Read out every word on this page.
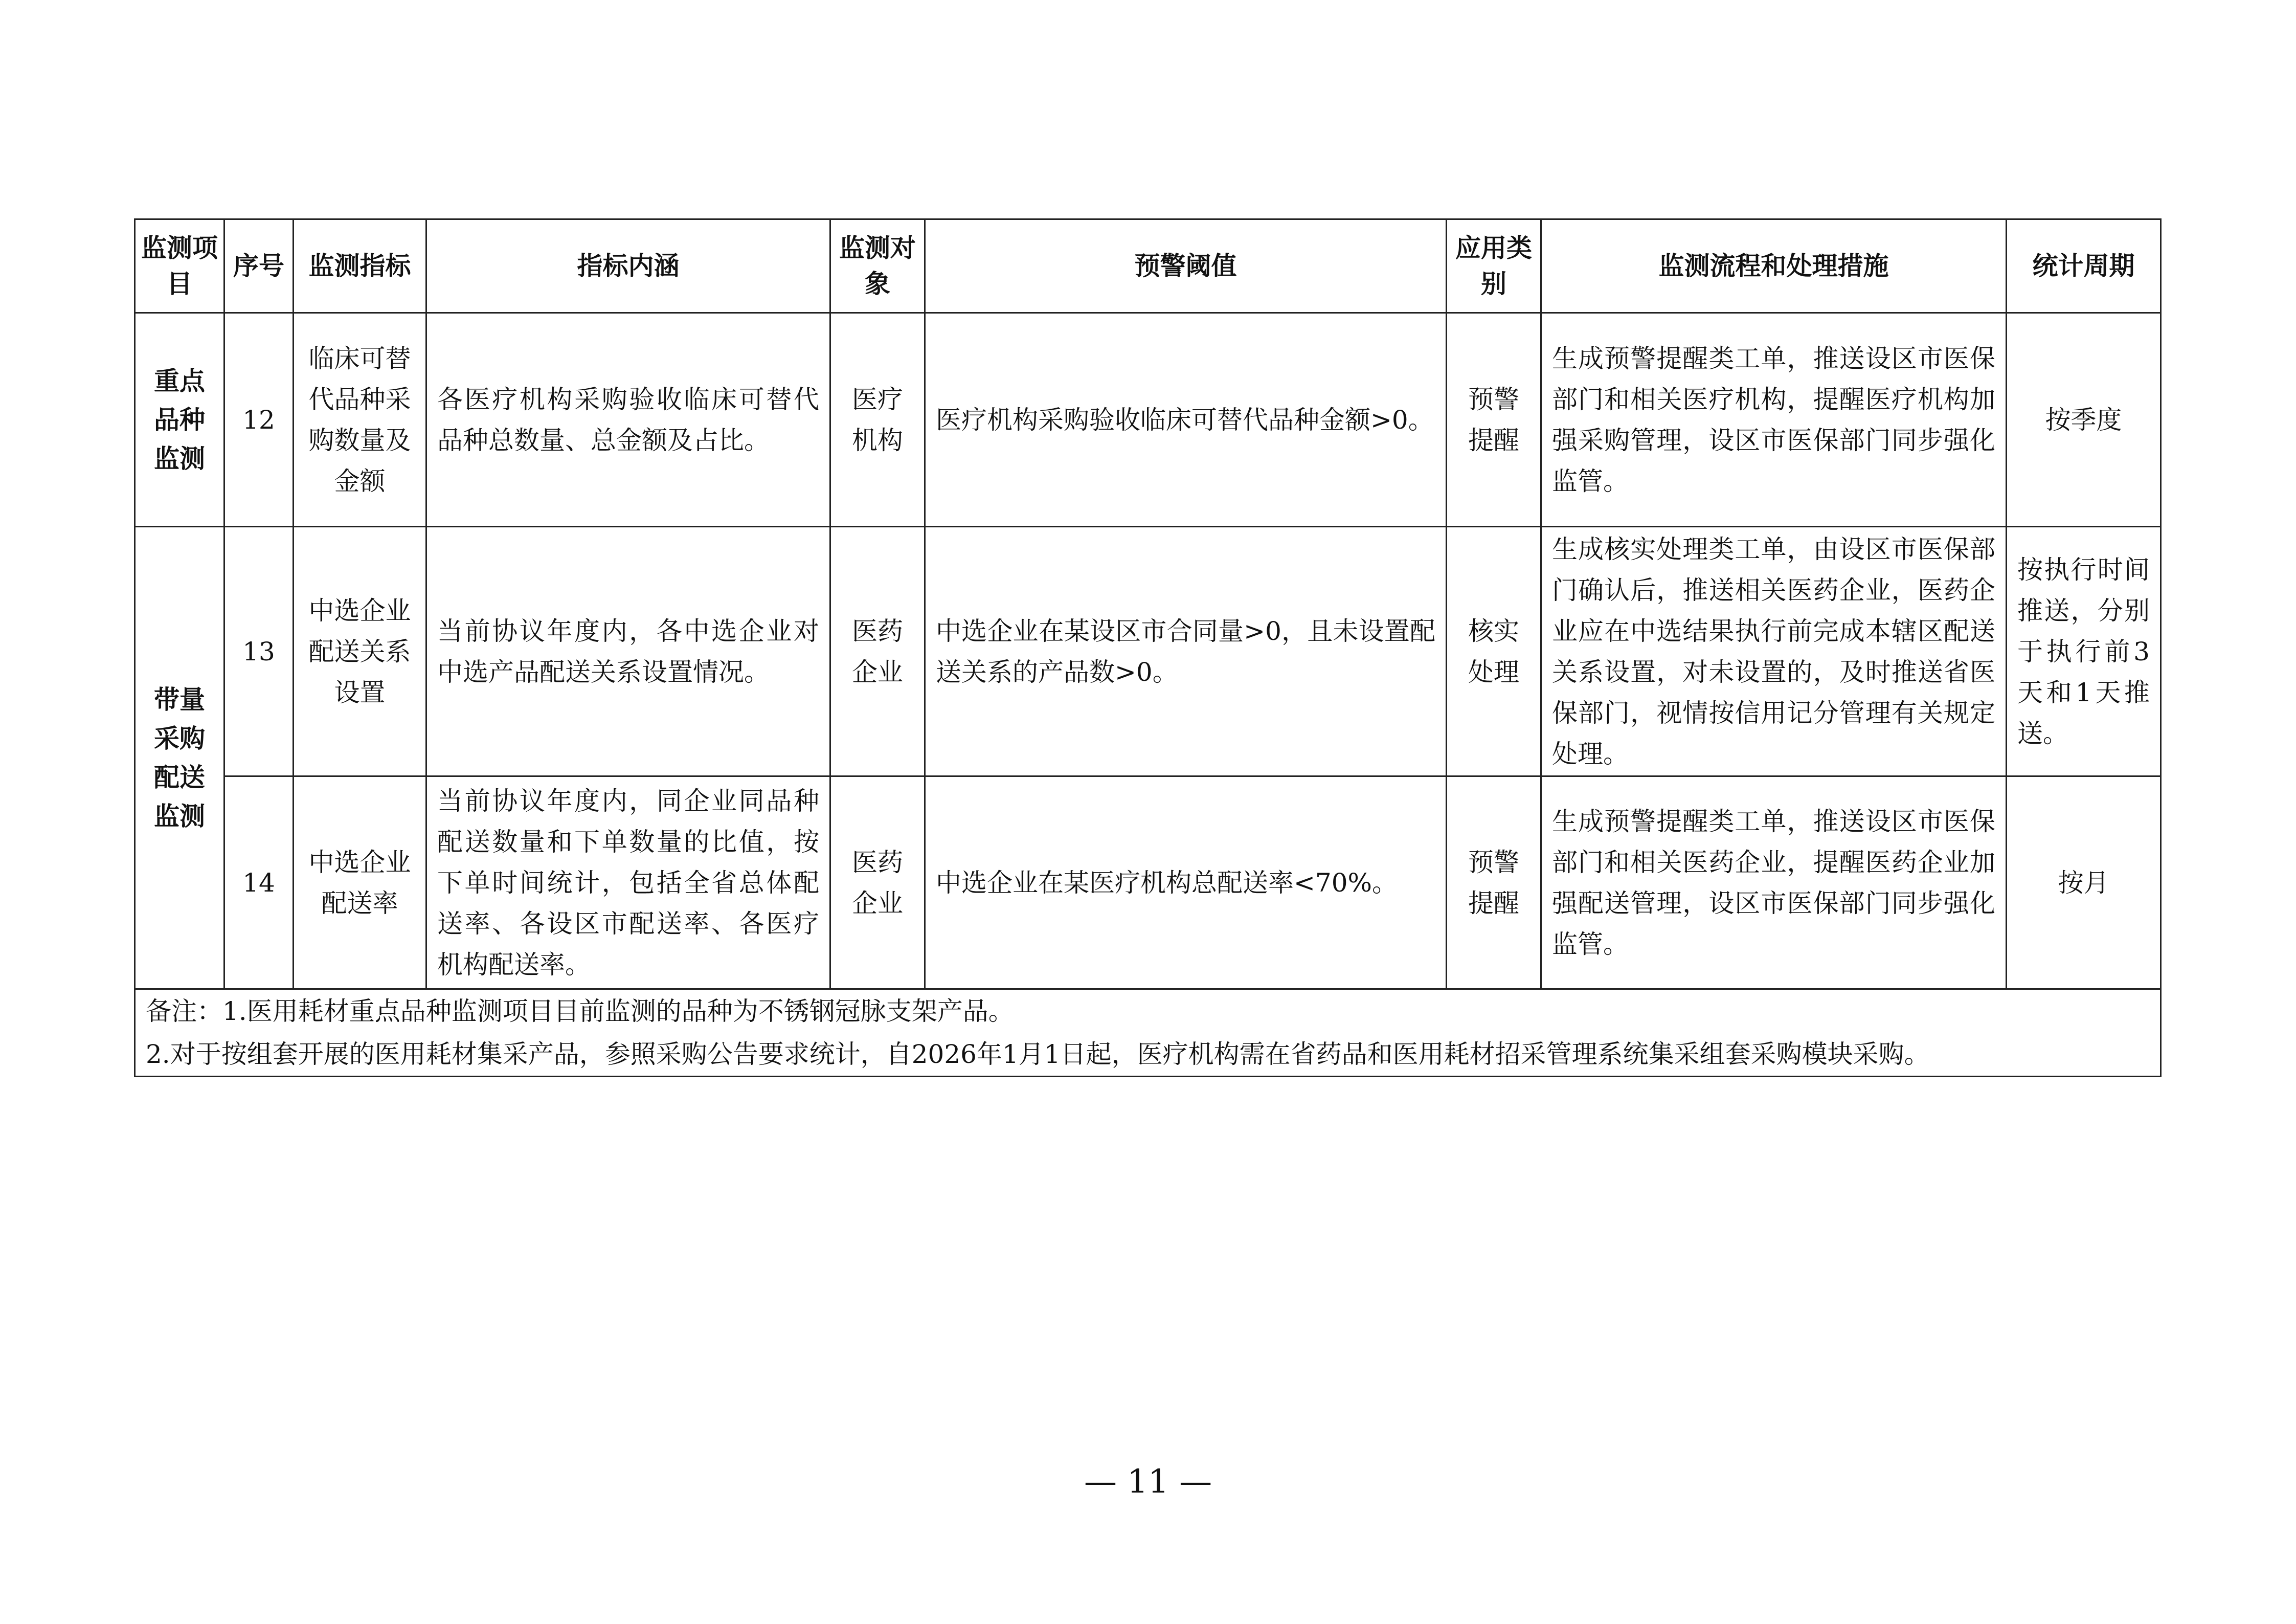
监测项目	序号	监测指标	指标内涵	监测对象	预警阈值	应用类别	监测流程和处理措施	统计周期
重点品种监测	12	临床可替代品种采购数量及金额	各医疗机构采购验收临床可替代品种总数量、总金额及占比。	医疗机构	医疗机构采购验收临床可替代品种金额>0。	预警提醒	生成预警提醒类工单，推送设区市医保部门和相关医疗机构，提醒医疗机构加强采购管理，设区市医保部门同步强化监管。	按季度
带量采购配送监测	13	中选企业配送关系设置	当前协议年度内，各中选企业对中选产品配送关系设置情况。	医药企业	中选企业在某设区市合同量>0，且未设置配送关系的产品数>0。	核实处理	生成核实处理类工单，由设区市医保部门确认后，推送相关医药企业，医药企业应在中选结果执行前完成本辖区配送关系设置，对未设置的，及时推送省医保部门，视情按信用记分管理有关规定处理。	按执行时间推送，分别于执行前3天和1天推送。
	14	中选企业配送率	当前协议年度内，同企业同品种配送数量和下单数量的比值，按下单时间统计，包括全省总体配送率、各设区市配送率、各医疗机构配送率。	医药企业	中选企业在某医疗机构总配送率<70%。	预警提醒	生成预警提醒类工单，推送设区市医保部门和相关医药企业，提醒医药企业加强配送管理，设区市医保部门同步强化监管。	按月

备注：1.医用耗材重点品种监测项目目前监测的品种为不锈钢冠脉支架产品。
2.对于按组套开展的医用耗材集采产品，参照采购公告要求统计，自2026年1月1日起，医疗机构需在省药品和医用耗材招采管理系统集采组套采购模块采购。								
— 11 —
